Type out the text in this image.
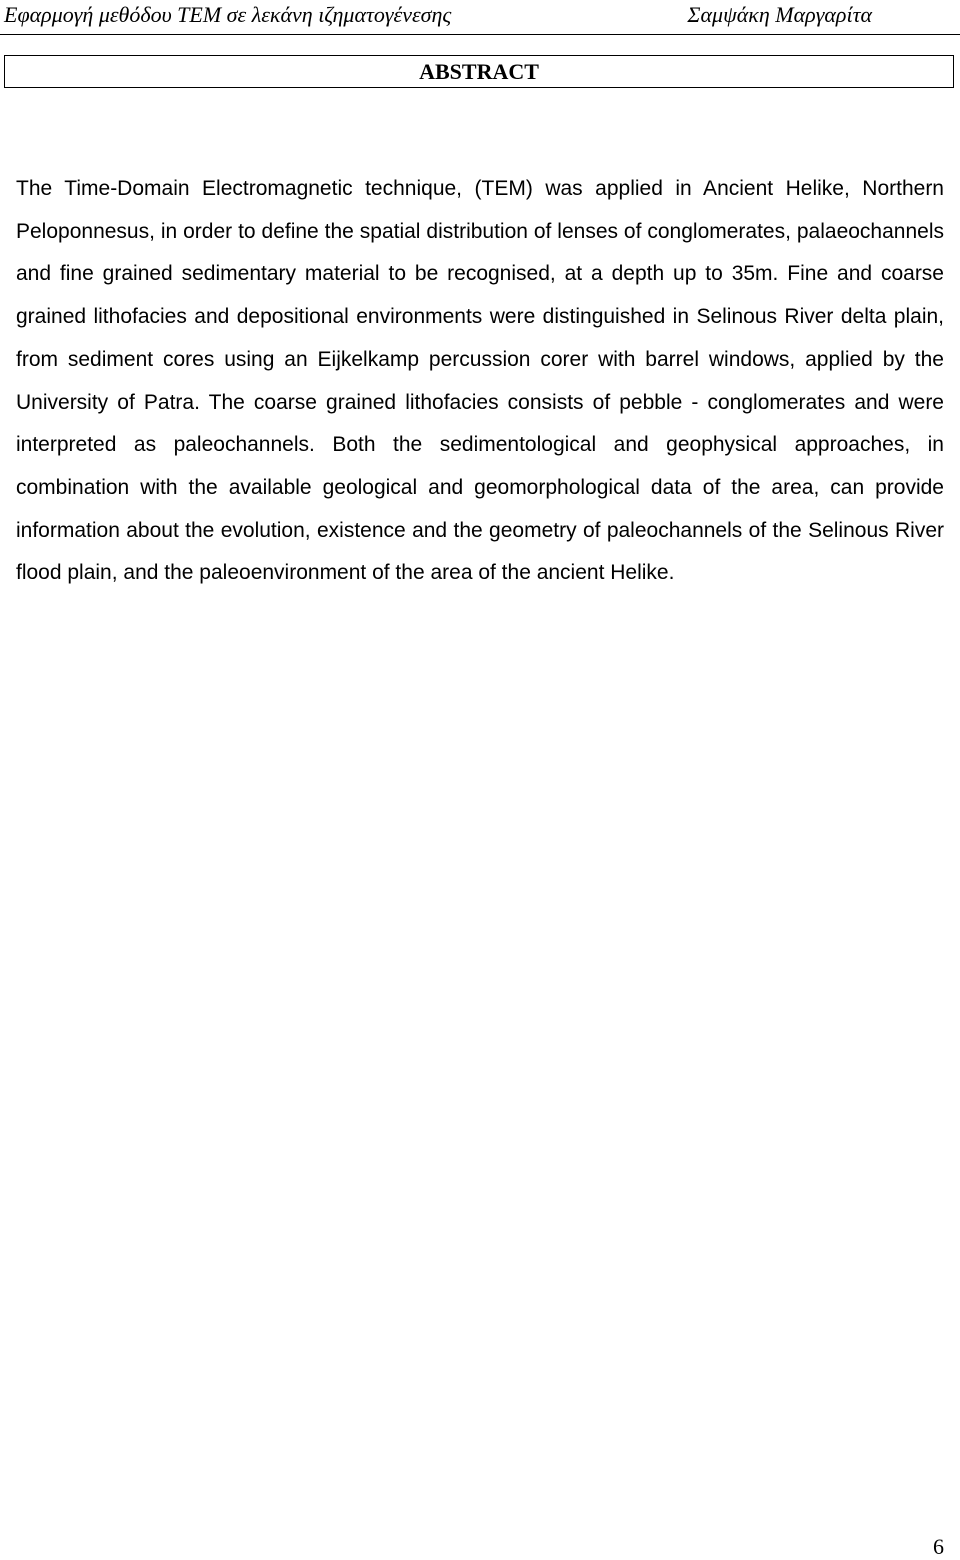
Εφαρμογή μεθόδου ΤΕΜ σε λεκάνη ιζηματογένεσης	Σαμψάκη Μαργαρίτα
ABSTRACT

The Time-Domain Electromagnetic technique, (TEM) was applied in Ancient Helike, Northern Peloponnesus, in order to define the spatial distribution of lenses of conglomerates, palaeochannels and fine grained sedimentary material to be recognised, at a depth up to 35m. Fine and coarse grained lithofacies and depositional environments were distinguished in Selinous River delta plain, from sediment cores using an Eijkelkamp percussion corer with barrel windows, applied by the University of Patra. The coarse grained lithofacies consists of pebble - conglomerates and were interpreted as paleochannels. Both the sedimentological and geophysical approaches, in combination with the available geological and geomorphological data of the area, can provide information about the evolution, existence and the geometry of paleochannels of the Selinous River flood plain, and the paleoenvironment of the area of the ancient Helike.

6
